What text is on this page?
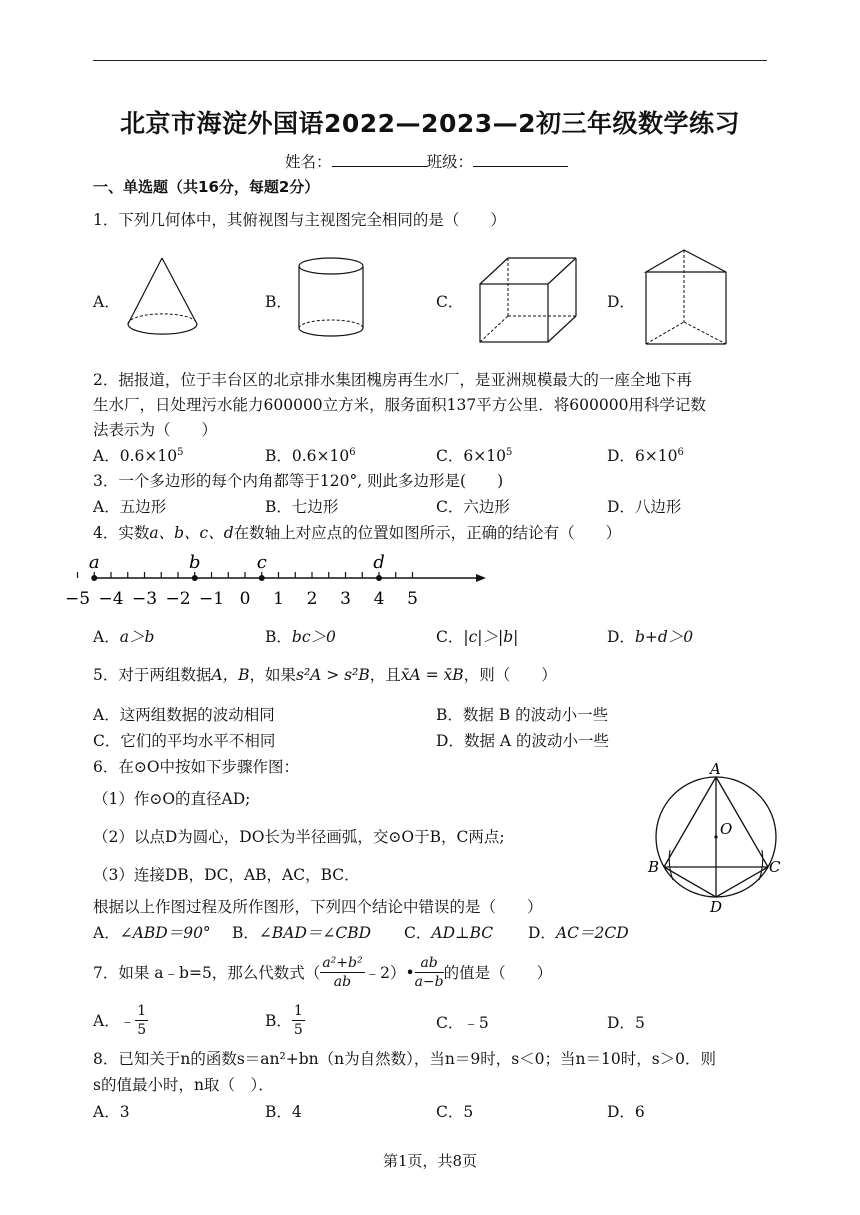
北京市海淀外国语2022—2023—2初三年级数学练习
姓名：	班级：
一、单选题（共16分，每题2分）
1．下列几何体中，其俯视图与主视图完全相同的是（　　）
A．	B．	C．	D．
2．据报道，位于丰台区的北京排水集团槐房再生水厂，是亚洲规模最大的一座全地下再
生水厂，日处理污水能力600000立方米，服务面积137平方公里．将600000用科学记数
法表示为（　　）
A．$0.6\times 10^5$	B．$0.6\times 10^6$	C．$6\times 10^5$	D．$6\times 10^6$
3．一个多边形的每个内角都等于120°, 则此多边形是(　　)
A．五边形	B．七边形	C．六边形	D．八边形
4．实数a、b、c、d在数轴上对应点的位置如图所示，正确的结论有（　　）
−5 −4 −3 −2 −1 0 1 2 3 4 5
a	b	c	d
A．a＞b	B．bc＞0	C．|c|＞|b|	D．b+d＞0
5．对于两组数据A，B，如果s²A > s²B，且x̄A = x̄B，则（　　）
A．这两组数据的波动相同	B．数据 B 的波动小一些
C．它们的平均水平不相同	D．数据 A 的波动小一些
6．在⊙O中按如下步骤作图：
（1）作⊙O的直径AD;
（2）以点D为圆心，DO长为半径画弧，交⊙O于B，C两点;
（3）连接DB，DC，AB，AC，BC．
根据以上作图过程及所作图形，下列四个结论中错误的是（　　）
A．∠ABD＝90° B．∠BAD＝∠CBD C．AD⊥BC D．AC＝2CD
A
B	C
D
O
7．如果 a﹣b=5，那么代数式（ $\frac{\text{a²+b²}}{ab}$ ﹣2）• $\frac{ab}{a-b}$ 的值是（　　）
A． ﹣ $\frac{1}{5}$	B． $\frac{1}{5}$	C．﹣5	D．5
8．已知关于n的函数s＝an²+bn（n为自然数），当n＝9时，s＜0；当n＝10时，s＞0．则
s的值最小时，n取（　）．
A．3	B．4	C．5	D．6
第1页，共8页
